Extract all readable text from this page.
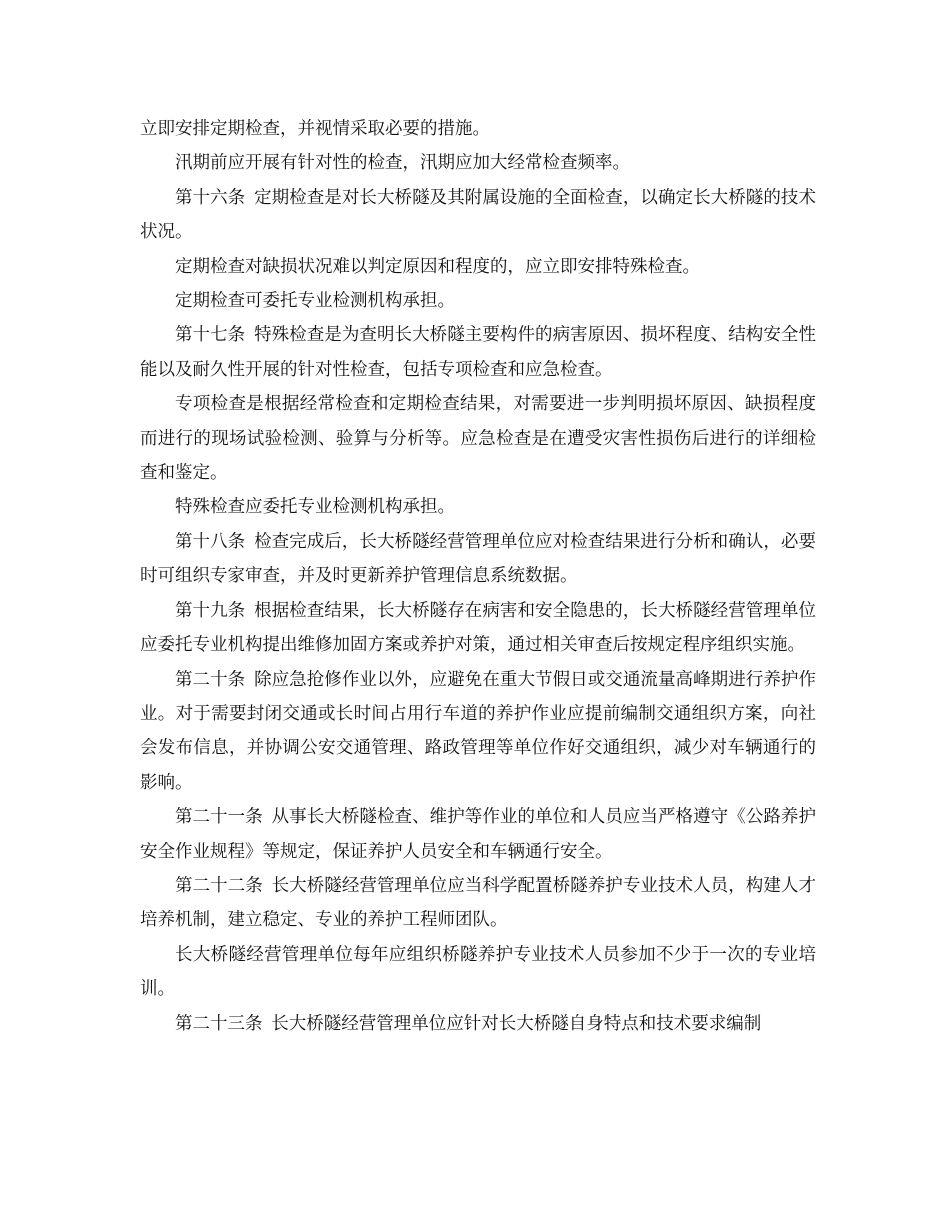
立即安排定期检查，并视情采取必要的措施。

汛期前应开展有针对性的检查，汛期应加大经常检查频率。

第十六条 定期检查是对长大桥隧及其附属设施的全面检查，以确定长大桥隧的技术状况。

定期检查对缺损状况难以判定原因和程度的，应立即安排特殊检查。

定期检查可委托专业检测机构承担。

第十七条 特殊检查是为查明长大桥隧主要构件的病害原因、损坏程度、结构安全性能以及耐久性开展的针对性检查，包括专项检查和应急检查。

专项检查是根据经常检查和定期检查结果，对需要进一步判明损坏原因、缺损程度而进行的现场试验检测、验算与分析等。应急检查是在遭受灾害性损伤后进行的详细检查和鉴定。

特殊检查应委托专业检测机构承担。

第十八条 检查完成后，长大桥隧经营管理单位应对检查结果进行分析和确认，必要时可组织专家审查，并及时更新养护管理信息系统数据。

第十九条 根据检查结果，长大桥隧存在病害和安全隐患的，长大桥隧经营管理单位应委托专业机构提出维修加固方案或养护对策，通过相关审查后按规定程序组织实施。

第二十条 除应急抢修作业以外，应避免在重大节假日或交通流量高峰期进行养护作业。对于需要封闭交通或长时间占用行车道的养护作业应提前编制交通组织方案，向社会发布信息，并协调公安交通管理、路政管理等单位作好交通组织，减少对车辆通行的影响。

第二十一条 从事长大桥隧检查、维护等作业的单位和人员应当严格遵守《公路养护安全作业规程》等规定，保证养护人员安全和车辆通行安全。

第二十二条 长大桥隧经营管理单位应当科学配置桥隧养护专业技术人员，构建人才培养机制，建立稳定、专业的养护工程师团队。

长大桥隧经营管理单位每年应组织桥隧养护专业技术人员参加不少于一次的专业培训。

第二十三条 长大桥隧经营管理单位应针对长大桥隧自身特点和技术要求编制
